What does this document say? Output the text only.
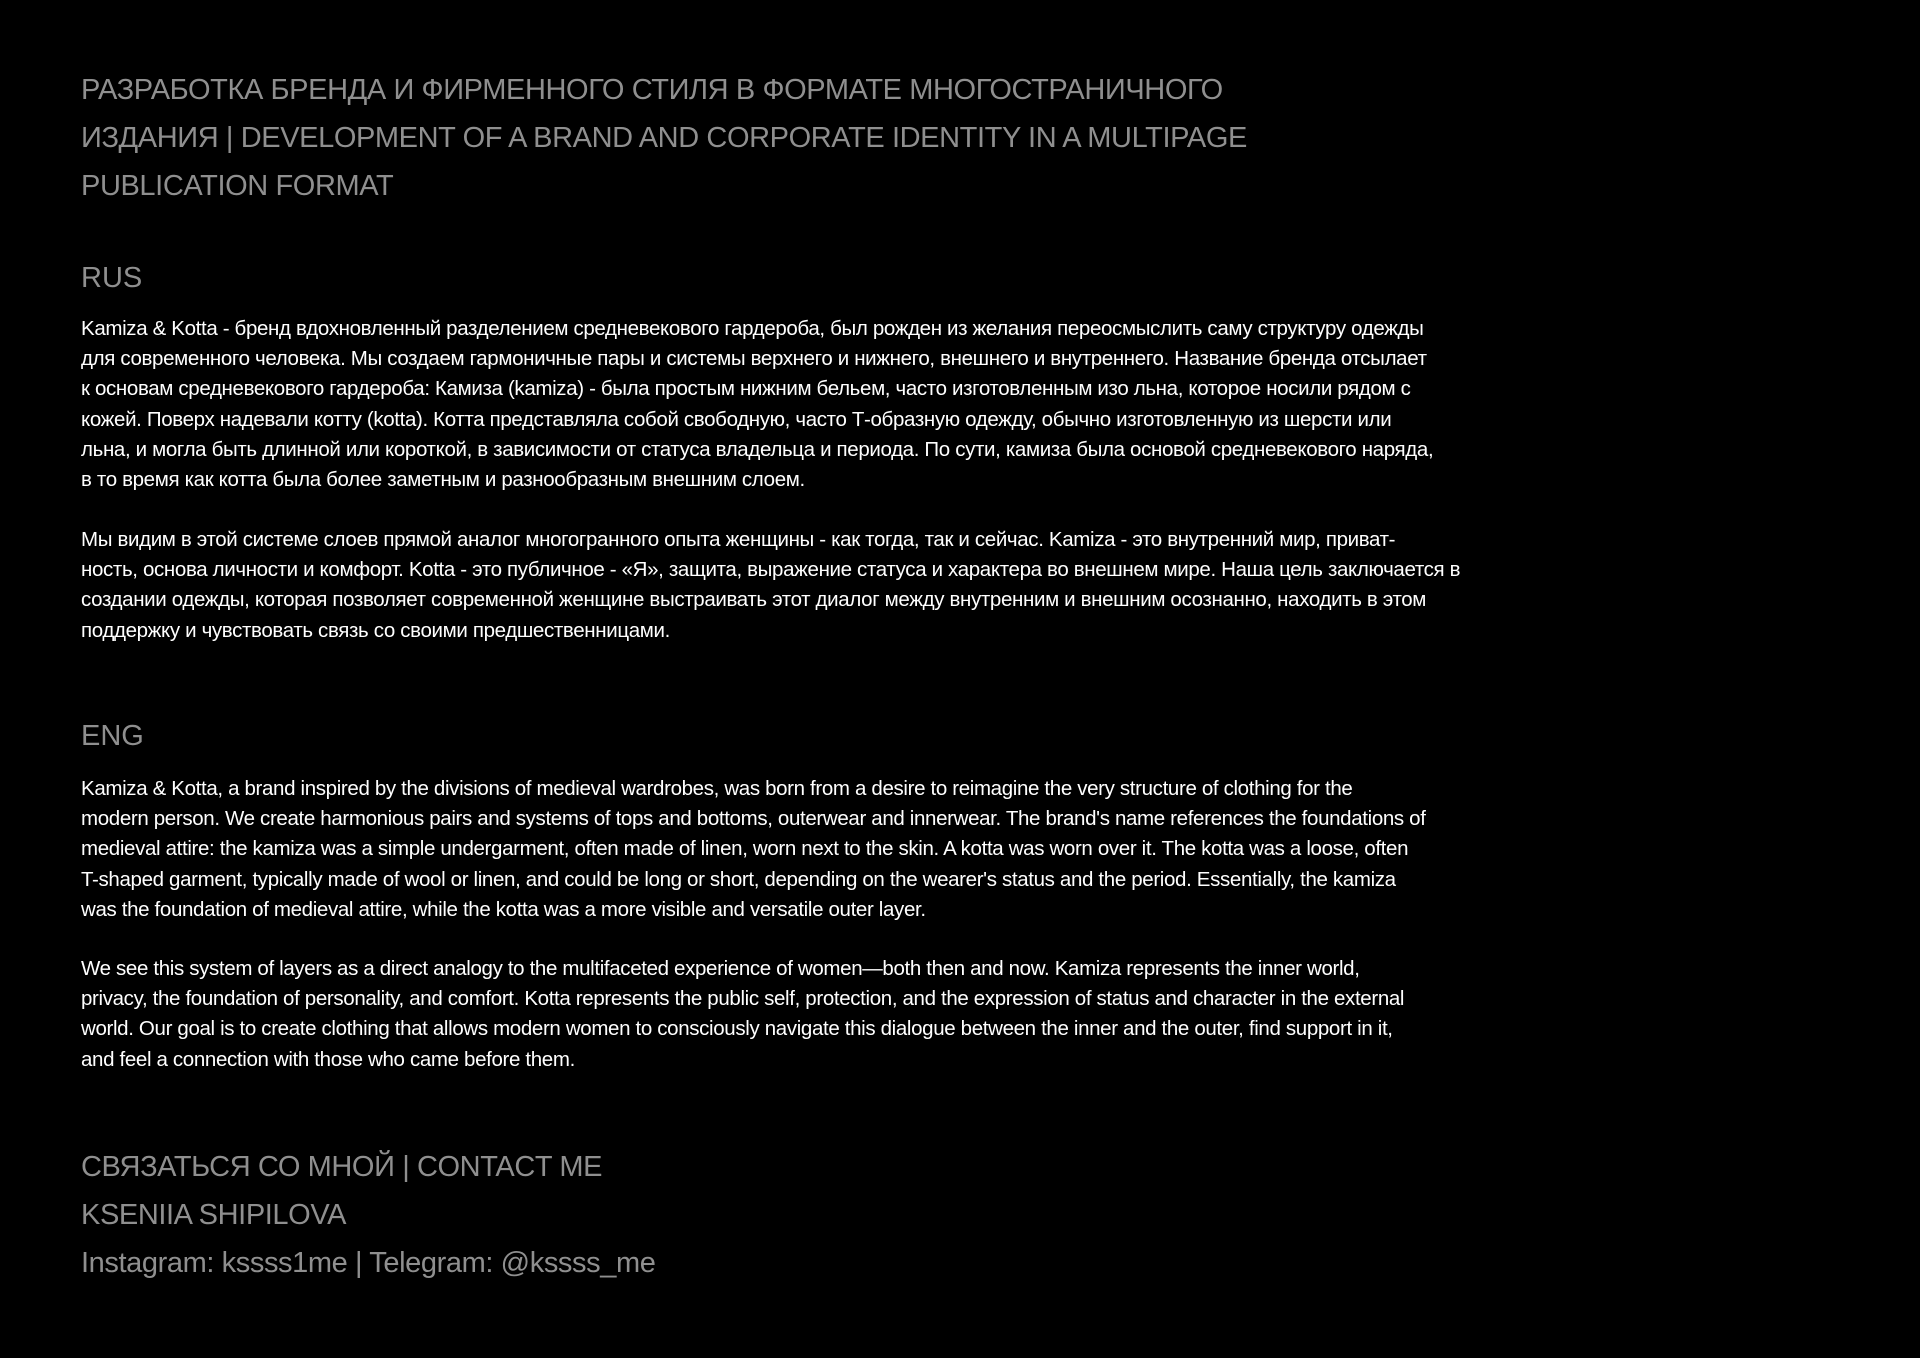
РАЗРАБОТКА БРЕНДА И ФИРМЕННОГО СТИЛЯ В ФОРМАТЕ МНОГОСТРАНИЧНОГО
ИЗДАНИЯ | DEVELOPMENT OF A BRAND AND CORPORATE IDENTITY IN A MULTIPAGE
PUBLICATION FORMAT
RUS
Kamiza & Kotta - бренд вдохновленный разделением средневекового гардероба, был рожден из желания переосмыслить саму структуру одежды
для современного человека. Мы создаем гармоничные пары и системы верхнего и нижнего, внешнего и внутреннего. Название бренда отсылает
к основам средневекового гардероба: Камиза (kamiza) - была простым нижним бельем, часто изготовленным изо льна, которое носили рядом с
кожей. Поверх надевали котту (kotta). Котта представляла собой свободную, часто Т-образную одежду, обычно изготовленную из шерсти или
льна, и могла быть длинной или короткой, в зависимости от статуса владельца и периода. По сути, камиза была основой средневекового наряда,
в то время как котта была более заметным и разнообразным внешним слоем.
Мы видим в этой системе слоев прямой аналог многогранного опыта женщины - как тогда, так и сейчас. Kamiza - это внутренний мир, приват-
ность, основа личности и комфорт. Kotta - это публичное - «Я», защита, выражение статуса и характера во внешнем мире. Наша цель заключается в
создании одежды, которая позволяет современной женщине выстраивать этот диалог между внутренним и внешним осознанно, находить в этом
поддержку и чувствовать связь со своими предшественницами.
ENG
Kamiza & Kotta, a brand inspired by the divisions of medieval wardrobes, was born from a desire to reimagine the very structure of clothing for the
modern person. We create harmonious pairs and systems of tops and bottoms, outerwear and innerwear. The brand's name references the foundations of
medieval attire: the kamiza was a simple undergarment, often made of linen, worn next to the skin. A kotta was worn over it. The kotta was a loose, often
T-shaped garment, typically made of wool or linen, and could be long or short, depending on the wearer's status and the period. Essentially, the kamiza
was the foundation of medieval attire, while the kotta was a more visible and versatile outer layer.
We see this system of layers as a direct analogy to the multifaceted experience of women—both then and now. Kamiza represents the inner world,
privacy, the foundation of personality, and comfort. Kotta represents the public self, protection, and the expression of status and character in the external
world. Our goal is to create clothing that allows modern women to consciously navigate this dialogue between the inner and the outer, find support in it,
and feel a connection with those who came before them.
СВЯЗАТЬСЯ СО МНОЙ | CONTACT ME
KSENIIA SHIPILOVA
Instagram: kssss1me | Telegram: @kssss_me
